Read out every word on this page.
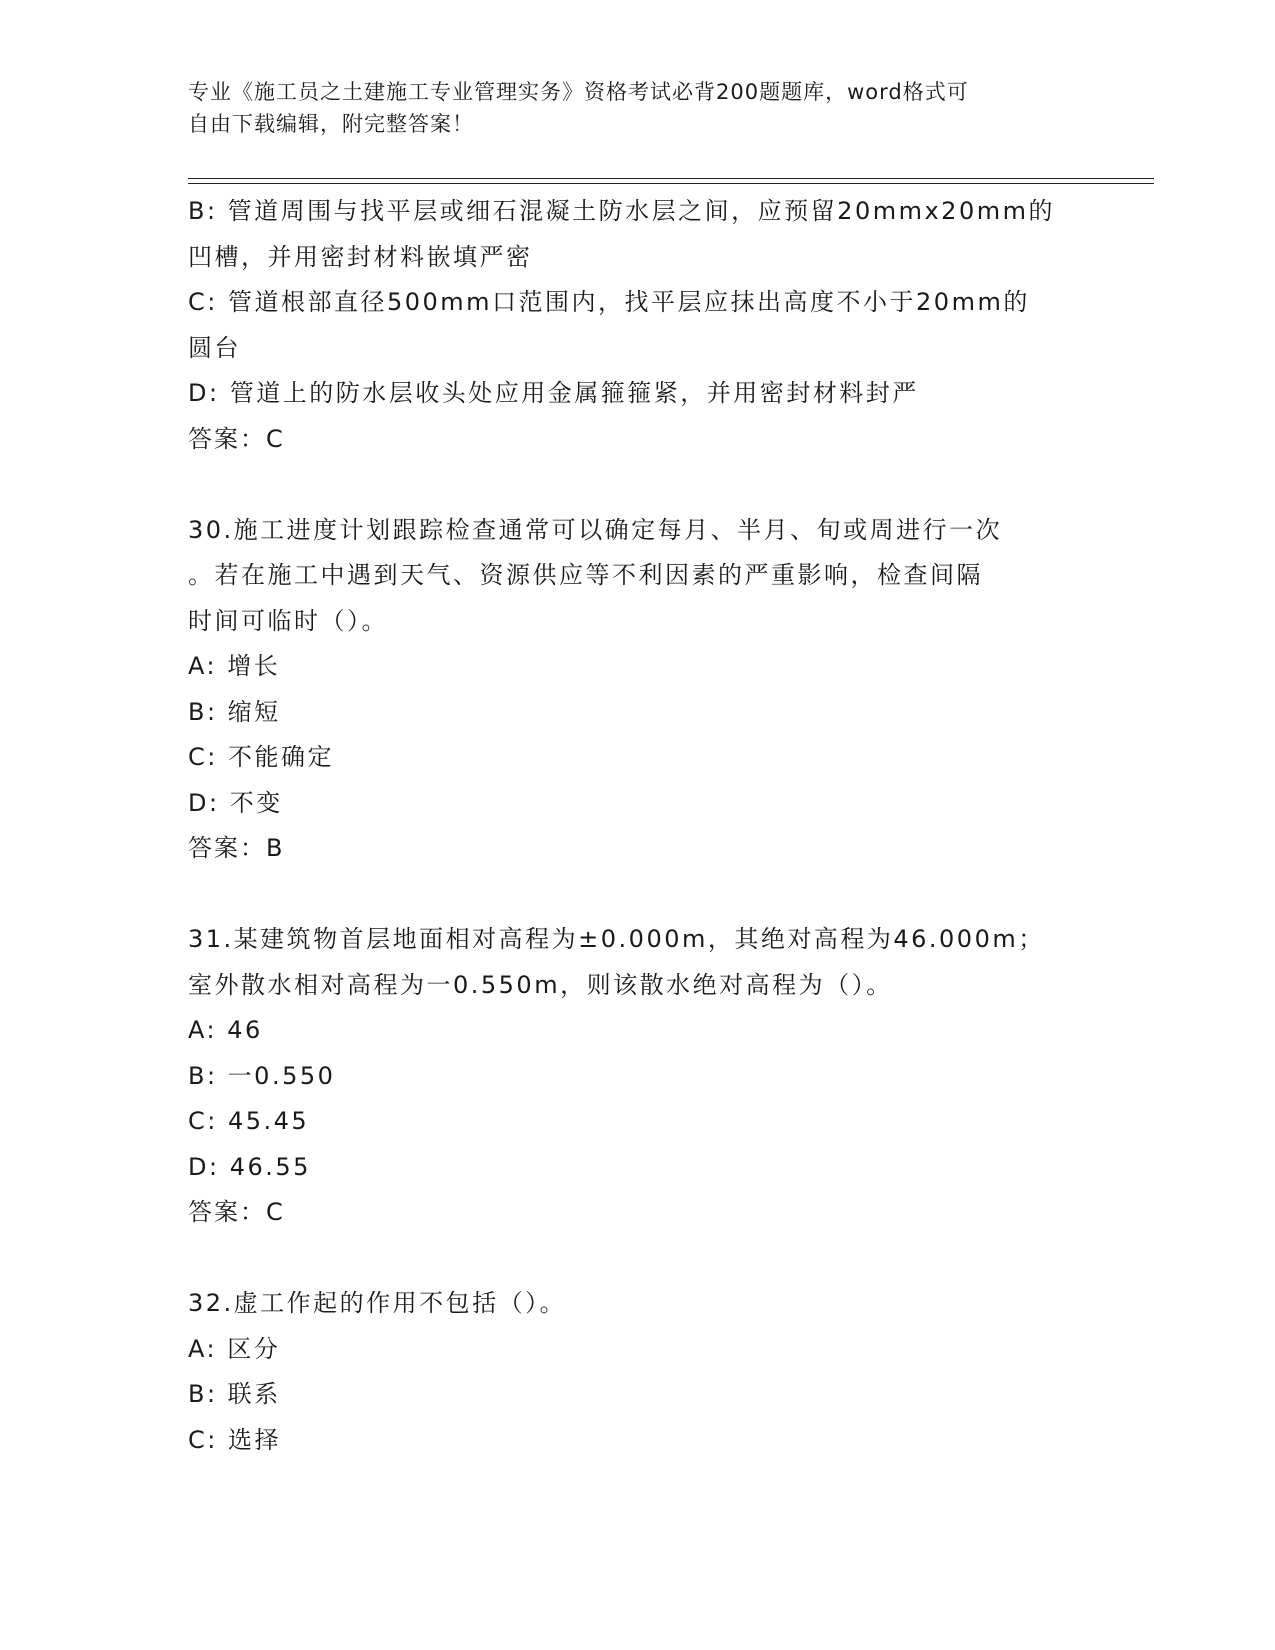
专业《施工员之土建施工专业管理实务》资格考试必背200题题库，word格式可
自由下载编辑，附完整答案！
B: 管道周围与找平层或细石混凝土防水层之间，应预留20mmx20mm的
凹槽，并用密封材料嵌填严密
C: 管道根部直径500mm口范围内，找平层应抹出高度不小于20mm的
圆台
D: 管道上的防水层收头处应用金属箍箍紧，并用密封材料封严
答案：C
30.施工进度计划跟踪检查通常可以确定每月、半月、旬或周进行一次
。若在施工中遇到天气、资源供应等不利因素的严重影响，检查间隔
时间可临时（）。
A: 增长
B: 缩短
C: 不能确定
D: 不变
答案：B
31.某建筑物首层地面相对高程为±0.000m，其绝对高程为46.000m；
室外散水相对高程为一0.550m，则该散水绝对高程为（）。
A: 46
B: 一0.550
C: 45.45
D: 46.55
答案：C
32.虚工作起的作用不包括（）。
A: 区分
B: 联系
C: 选择
